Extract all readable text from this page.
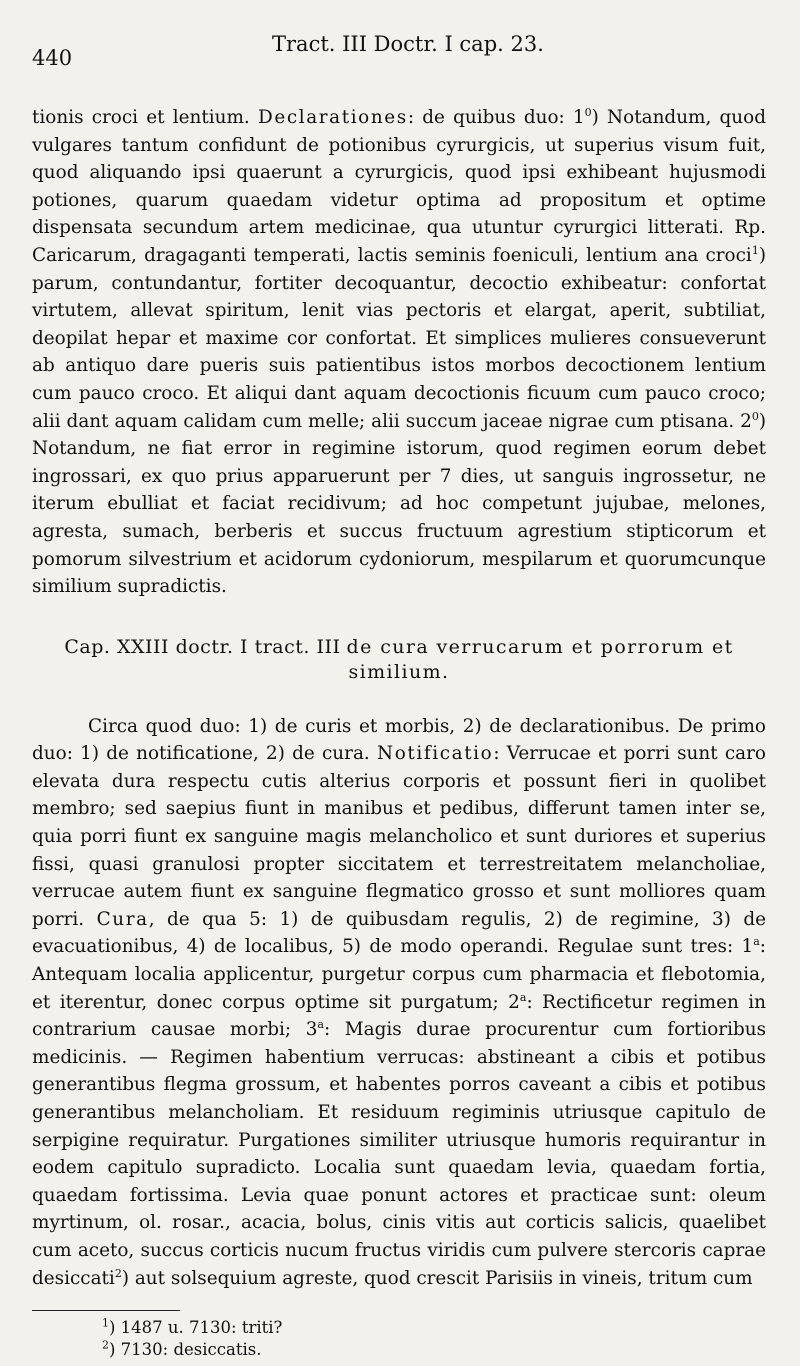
440
Tract. III Doctr. I cap. 23.

tionis croci et lentium. Declarationes: de quibus duo: $1^0$) Notandum, quod vulgares tantum confidunt de potionibus cyrurgicis, ut superius visum fuit, quod aliquando ipsi quaerunt a cyrurgicis, quod ipsi exhibeant hujusmodi potiones, quarum quaedam videtur optima ad propositum et optime dispensata secundum artem medicinae, qua utuntur cyrurgici litterati. Rp. Caricarum, dragaganti temperati, lactis seminis foeniculi, lentium ana croci$^1$) parum, contundantur, fortiter decoquantur, decoctio exhibeatur: confortat virtutem, allevat spiritum, lenit vias pectoris et elargat, aperit, subtiliat, deopilat hepar et maxime cor confortat. Et simplices mulieres consueverunt ab antiquo dare pueris suis patientibus istos morbos decoctionem lentium cum pauco croco. Et aliqui dant aquam decoctionis ficuum cum pauco croco; alii dant aquam calidam cum melle; alii succum jaceae nigrae cum ptisana. $2^0$) Notandum, ne fiat error in regimine istorum, quod regimen eorum debet ingrossari, ex quo prius apparuerunt per 7 dies, ut sanguis ingrossetur, ne iterum ebulliat et faciat recidivum; ad hoc competunt jujubae, melones, agresta, sumach, berberis et succus fructuum agrestium stipticorum et pomorum silvestrium et acidorum cydoniorum, mespilarum et quorumcunque similium supradictis.

Cap. XXIII doctr. I tract. III de cura verrucarum et porrorum et
similium.

Circa quod duo: 1) de curis et morbis, 2) de declarationibus. De primo duo: 1) de notificatione, 2) de cura. Notificatio: Verrucae et porri sunt caro elevata dura respectu cutis alterius corporis et possunt fieri in quolibet membro; sed saepius fiunt in manibus et pedibus, differunt tamen inter se, quia porri fiunt ex sanguine magis melancholico et sunt duriores et superius fissi, quasi granulosi propter siccitatem et terrestreitatem melancholiae, verrucae autem fiunt ex sanguine flegmatico grosso et sunt molliores quam porri. Cura, de qua 5: 1) de quibusdam regulis, 2) de regimine, 3) de evacuationibus, 4) de localibus, 5) de modo operandi. Regulae sunt tres: 1$^a$: Antequam localia applicentur, purgetur corpus cum pharmacia et flebotomia, et iterentur, donec corpus optime sit purgatum; 2$^a$: Rectificetur regimen in contrarium causae morbi; 3$^a$: Magis durae procurentur cum fortioribus medicinis. — Regimen habentium verrucas: abstineant a cibis et potibus generantibus flegma grossum, et habentes porros caveant a cibis et potibus generantibus melancholiam. Et residuum regiminis utriusque capitulo de serpigine requiratur. Purgationes similiter utriusque humoris requirantur in eodem capitulo supradicto. Localia sunt quaedam levia, quaedam fortia, quaedam fortissima. Levia quae ponunt actores et practicae sunt: oleum myrtinum, ol. rosar., acacia, bolus, cinis vitis aut corticis salicis, quaelibet cum aceto, succus corticis nucum fructus viridis cum pulvere stercoris caprae desiccati$^2$) aut solsequium agreste, quod crescit Parisiis in vineis, tritum cum

$^1$) 1487 u. 7130: triti?
$^2$) 7130: desiccatis.
